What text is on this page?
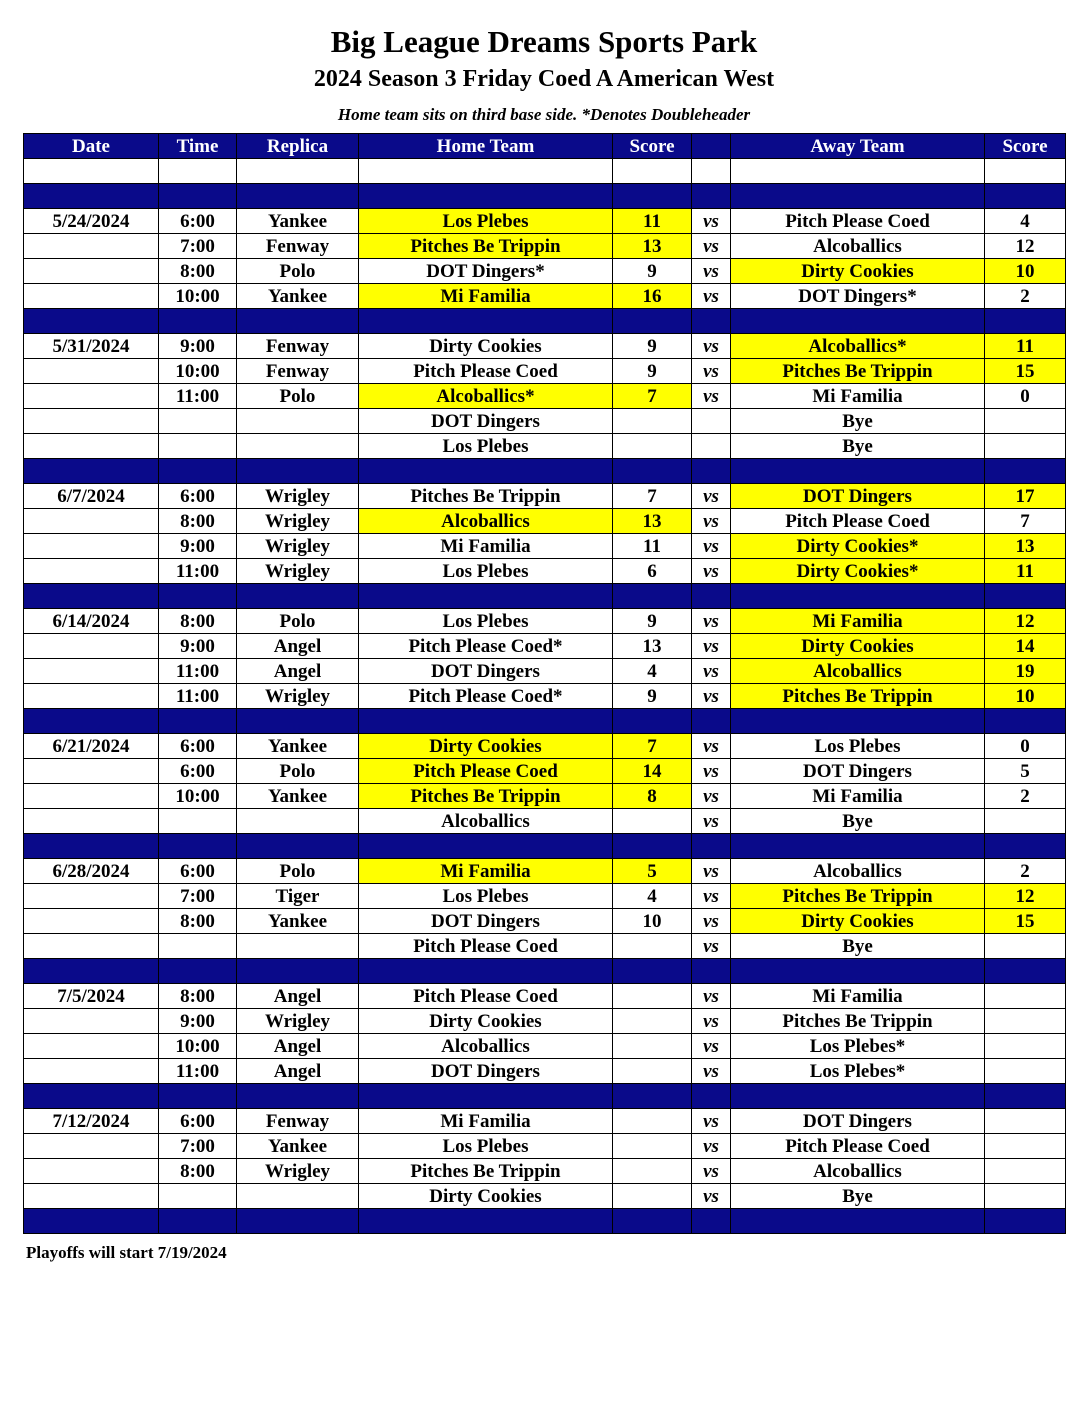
Big League Dreams Sports Park
2024 Season 3 Friday Coed A American West
Home team sits on third base side. *Denotes Doubleheader
Date	Time	Replica	Home Team	Score		Away Team	Score

5/24/2024	6:00	Yankee	Los Plebes	11	vs	Pitch Please Coed	4
	7:00	Fenway	Pitches Be Trippin	13	vs	Alcoballics	12
	8:00	Polo	DOT Dingers*	9	vs	Dirty Cookies	10
	10:00	Yankee	Mi Familia	16	vs	DOT Dingers*	2

5/31/2024	9:00	Fenway	Dirty Cookies	9	vs	Alcoballics*	11
	10:00	Fenway	Pitch Please Coed	9	vs	Pitches Be Trippin	15
	11:00	Polo	Alcoballics*	7	vs	Mi Familia	0
			DOT Dingers			Bye	
			Los Plebes			Bye	

6/7/2024	6:00	Wrigley	Pitches Be Trippin	7	vs	DOT Dingers	17
	8:00	Wrigley	Alcoballics	13	vs	Pitch Please Coed	7
	9:00	Wrigley	Mi Familia	11	vs	Dirty Cookies*	13
	11:00	Wrigley	Los Plebes	6	vs	Dirty Cookies*	11

6/14/2024	8:00	Polo	Los Plebes	9	vs	Mi Familia	12
	9:00	Angel	Pitch Please Coed*	13	vs	Dirty Cookies	14
	11:00	Angel	DOT Dingers	4	vs	Alcoballics	19
	11:00	Wrigley	Pitch Please Coed*	9	vs	Pitches Be Trippin	10

6/21/2024	6:00	Yankee	Dirty Cookies	7	vs	Los Plebes	0
	6:00	Polo	Pitch Please Coed	14	vs	DOT Dingers	5
	10:00	Yankee	Pitches Be Trippin	8	vs	Mi Familia	2
			Alcoballics		vs	Bye	

6/28/2024	6:00	Polo	Mi Familia	5	vs	Alcoballics	2
	7:00	Tiger	Los Plebes	4	vs	Pitches Be Trippin	12
	8:00	Yankee	DOT Dingers	10	vs	Dirty Cookies	15
			Pitch Please Coed		vs	Bye	

7/5/2024	8:00	Angel	Pitch Please Coed		vs	Mi Familia	
	9:00	Wrigley	Dirty Cookies		vs	Pitches Be Trippin	
	10:00	Angel	Alcoballics		vs	Los Plebes*	
	11:00	Angel	DOT Dingers		vs	Los Plebes*	

7/12/2024	6:00	Fenway	Mi Familia		vs	DOT Dingers	
	7:00	Yankee	Los Plebes		vs	Pitch Please Coed	
	8:00	Wrigley	Pitches Be Trippin		vs	Alcoballics	
			Dirty Cookies		vs	Bye	

Playoffs will start 7/19/2024
